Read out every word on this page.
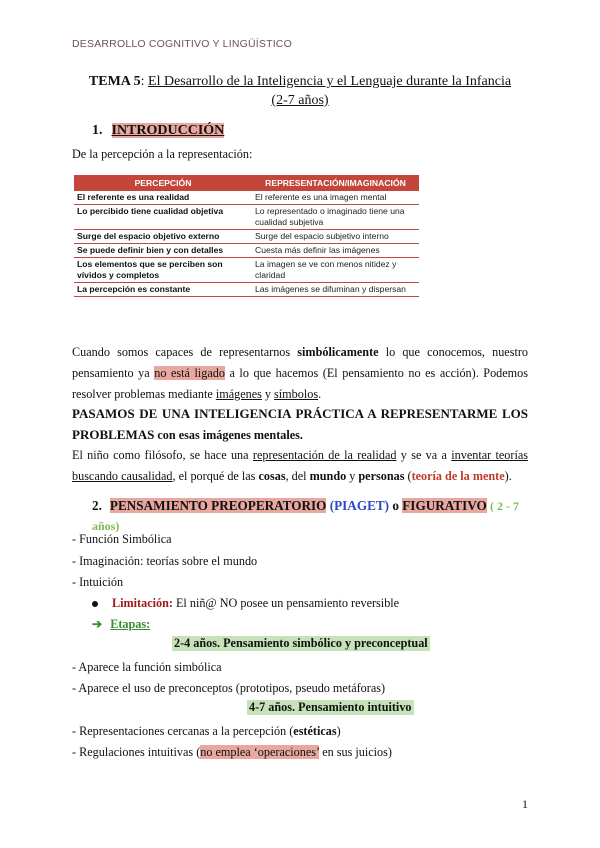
DESARROLLO COGNITIVO Y LINGÜÍSTICO
TEMA 5: El Desarrollo de la Inteligencia y el Lenguaje durante la Infancia
(2-7 años)
1. INTRODUCCIÓN
De la percepción a la representación:
PERCEPCIÓN	REPRESENTACIÓN/IMAGINACIÓN
El referente es una realidad	El referente es una imagen mental
Lo percibido tiene cualidad objetiva	Lo representado o imaginado tiene una cualidad subjetiva
Surge del espacio objetivo externo	Surge del espacio subjetivo interno
Se puede definir bien y con detalles	Cuesta más definir las imágenes
Los elementos que se perciben son vívidos y completos	La imagen se ve con menos nitidez y claridad
La percepción es constante	Las imágenes se difuminan y dispersan
Cuando somos capaces de representarnos simbólicamente lo que conocemos, nuestro pensamiento ya no está ligado a lo que hacemos (El pensamiento no es acción). Podemos resolver problemas mediante imágenes y símbolos.
PASAMOS DE UNA INTELIGENCIA PRÁCTICA A REPRESENTARME LOS PROBLEMAS con esas imágenes mentales.
El niño como filósofo, se hace una representación de la realidad y se va a inventar teorías buscando causalidad, el porqué de las cosas, del mundo y personas (teoría de la mente).
2. PENSAMIENTO PREOPERATORIO (PIAGET) o FIGURATIVO ( 2 - 7 años)
- Función Simbólica
- Imaginación: teorías sobre el mundo
- Intuición
Limitación: El niñ@ NO posee un pensamiento reversible
➔ Etapas:
2-4 años. Pensamiento simbólico y preconceptual
- Aparece la función simbólica
- Aparece el uso de preconceptos (prototipos, pseudo metáforas)
4-7 años. Pensamiento intuitivo
- Representaciones cercanas a la percepción (estéticas)
- Regulaciones intuitivas (no emplea ‘operaciones’ en sus juicios)
1
